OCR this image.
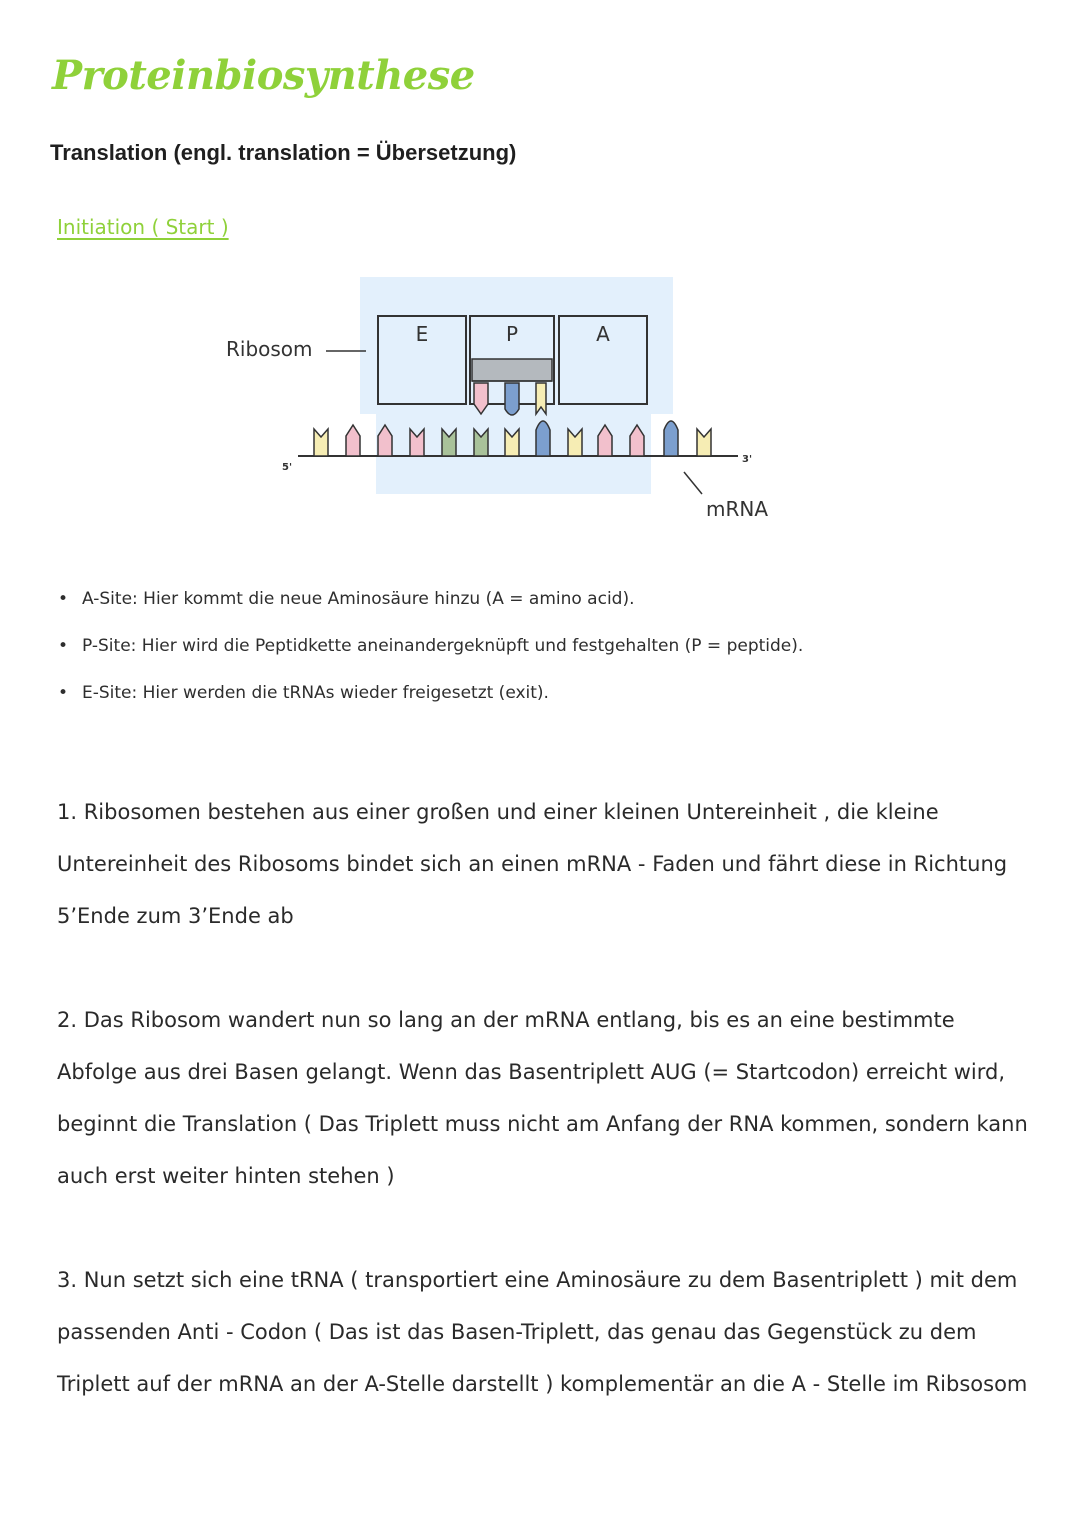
Proteinbiosynthese
Translation (engl. translation = Übersetzung)
Initiation ( Start )
E	P	A
5'
3'
Ribosom
mRNA
• A-Site: Hier kommt die neue Aminosäure hinzu (A = amino acid).
• P-Site: Hier wird die Peptidkette aneinandergeknüpft und festgehalten (P = peptide).
• E-Site: Hier werden die tRNAs wieder freigesetzt (exit).

1. Ribosomen bestehen aus einer großen und einer kleinen Untereinheit , die kleine Untereinheit des Ribosoms bindet sich an einen mRNA - Faden und fährt diese in Richtung 5’Ende zum 3’Ende ab

2. Das Ribosom wandert nun so lang an der mRNA entlang, bis es an eine bestimmte Abfolge aus drei Basen gelangt. Wenn das Basentriplett AUG (= Startcodon) erreicht wird, beginnt die Translation ( Das Triplett muss nicht am Anfang der RNA kommen, sondern kann auch erst weiter hinten stehen )

3. Nun setzt sich eine tRNA ( transportiert eine Aminosäure zu dem Basentriplett ) mit dem passenden Anti - Codon ( Das ist das Basen-Triplett, das genau das Gegenstück zu dem Triplett auf der mRNA an der A-Stelle darstellt ) komplementär an die A - Stelle im Ribsosom
